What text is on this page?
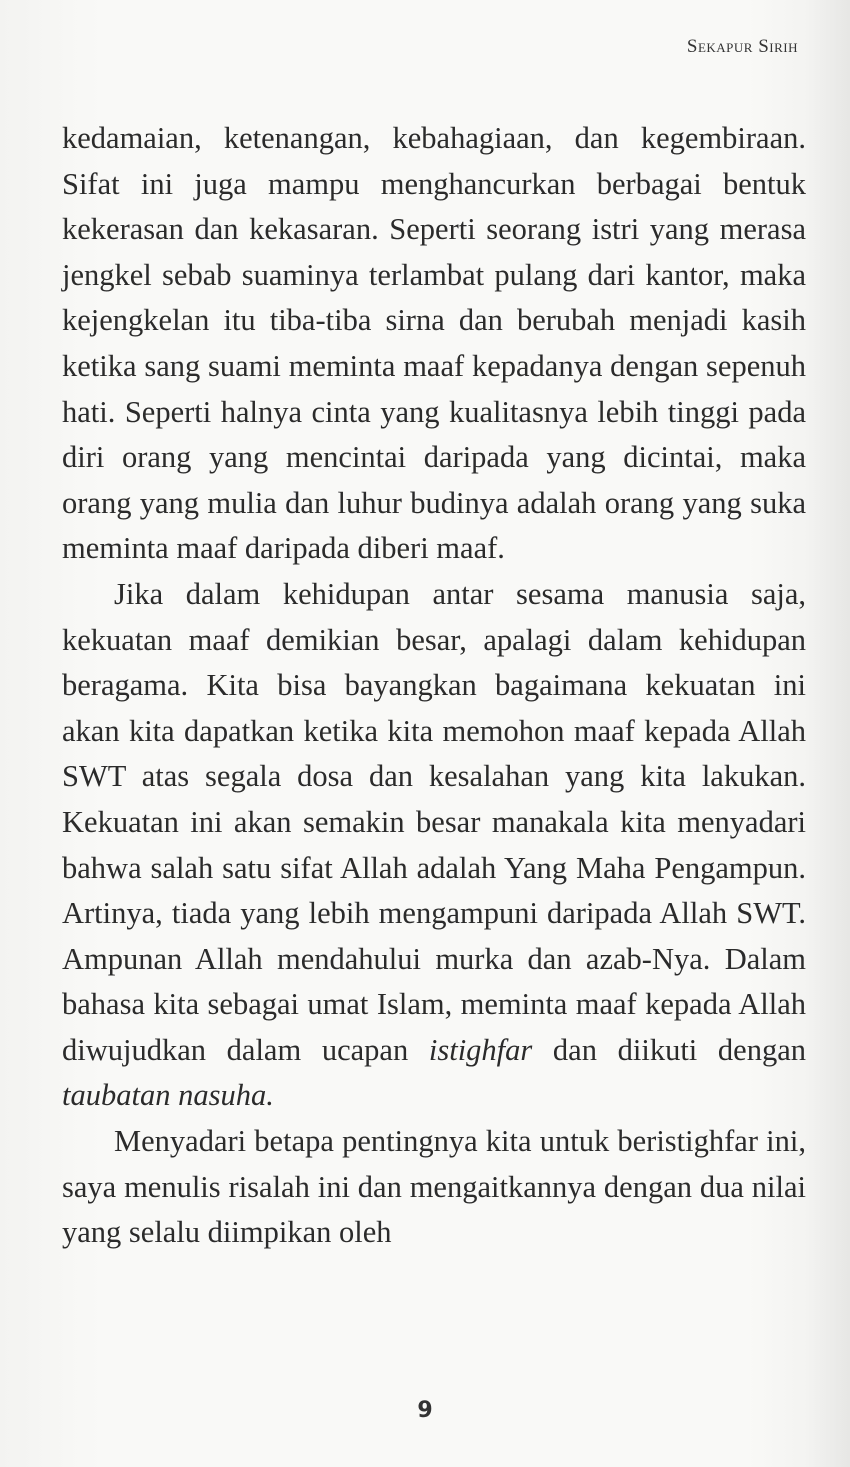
Sekapur Sirih

kedamaian, ketenangan, kebahagiaan, dan kegembiraan. Sifat ini juga mampu menghancurkan berbagai bentuk kekerasan dan kekasaran. Seperti seorang istri yang merasa jengkel sebab suaminya terlambat pulang dari kantor, maka kejengkelan itu tiba-tiba sirna dan berubah menjadi kasih ketika sang suami meminta maaf kepadanya dengan sepenuh hati. Seperti halnya cinta yang kualitasnya lebih tinggi pada diri orang yang mencintai daripada yang dicintai, maka orang yang mulia dan luhur budinya adalah orang yang suka meminta maaf daripada diberi maaf.

Jika dalam kehidupan antar sesama manusia saja, kekuatan maaf demikian besar, apalagi dalam kehidupan beragama. Kita bisa bayangkan bagaimana kekuatan ini akan kita dapatkan ketika kita memohon maaf kepada Allah SWT atas segala dosa dan kesalahan yang kita lakukan. Kekuatan ini akan semakin besar manakala kita menyadari bahwa salah satu sifat Allah adalah Yang Maha Pengampun. Artinya, tiada yang lebih mengampuni daripada Allah SWT. Ampunan Allah mendahului murka dan azab-Nya. Dalam bahasa kita sebagai umat Islam, meminta maaf kepada Allah diwujudkan dalam ucapan istighfar dan diikuti dengan taubatan nasuha.

Menyadari betapa pentingnya kita untuk beristighfar ini, saya menulis risalah ini dan mengaitkannya dengan dua nilai yang selalu diimpikan oleh

9
